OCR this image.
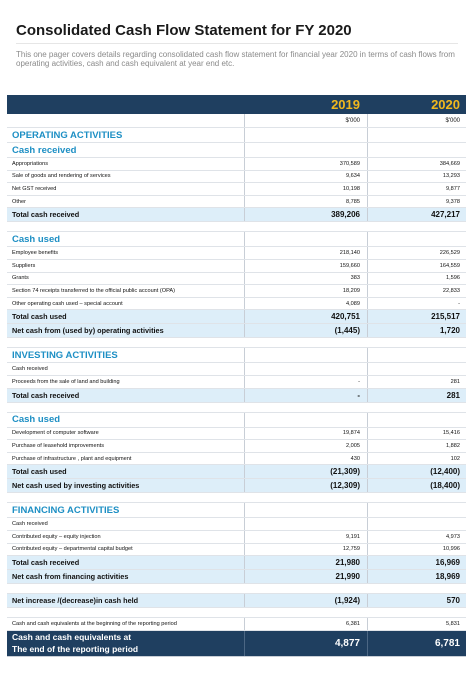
Consolidated Cash Flow Statement for FY 2020
This one pager covers details regarding consolidated cash flow statement for financial year 2020 in terms of cash flows from operating activities, cash and cash equivalent at year end etc.
2019	2020
$'000	$'000
OPERATING ACTIVITIES
Cash received
Appropriations	370,589	384,669
Sale of goods and rendering of services	9,634	13,293
Net GST received	10,198	9,877
Other	8,785	9,378
Total cash received	389,206	427,217
Cash used
Employee benefits	218,140	226,529
Suppliers	159,660	164,559
Grants	383	1,596
Section 74 receipts transferred to the official public account (OPA)	18,209	22,833
Other operating cash used – special account	4,089	-
Total cash used	420,751	215,517
Net cash from (used by) operating activities	(1,445)	1,720
INVESTING ACTIVITIES
Cash received
Proceeds from the sale of land and building	-	281
Total cash received	-	281
Cash used
Development of computer software	19,874	15,416
Purchase of leasehold improvements	2,005	1,882
Purchase of infrastructure , plant and equipment	430	102
Total cash used	(21,309)	(12,400)
Net cash used by investing activities	(12,309)	(18,400)
FINANCING ACTIVITIES
Cash received
Contributed equity – equity injection	9,191	4,973
Contributed equity – departmental capital budget	12,759	10,996
Total cash received	21,980	16,969
Net cash from financing activities	21,990	18,969
Net increase /(decrease)in cash held	(1,924)	570
Cash and cash equivalents at the beginning of the reporting period	6,381	5,831
Cash and cash equivalents at
The end of the reporting period
4,877	6,781
